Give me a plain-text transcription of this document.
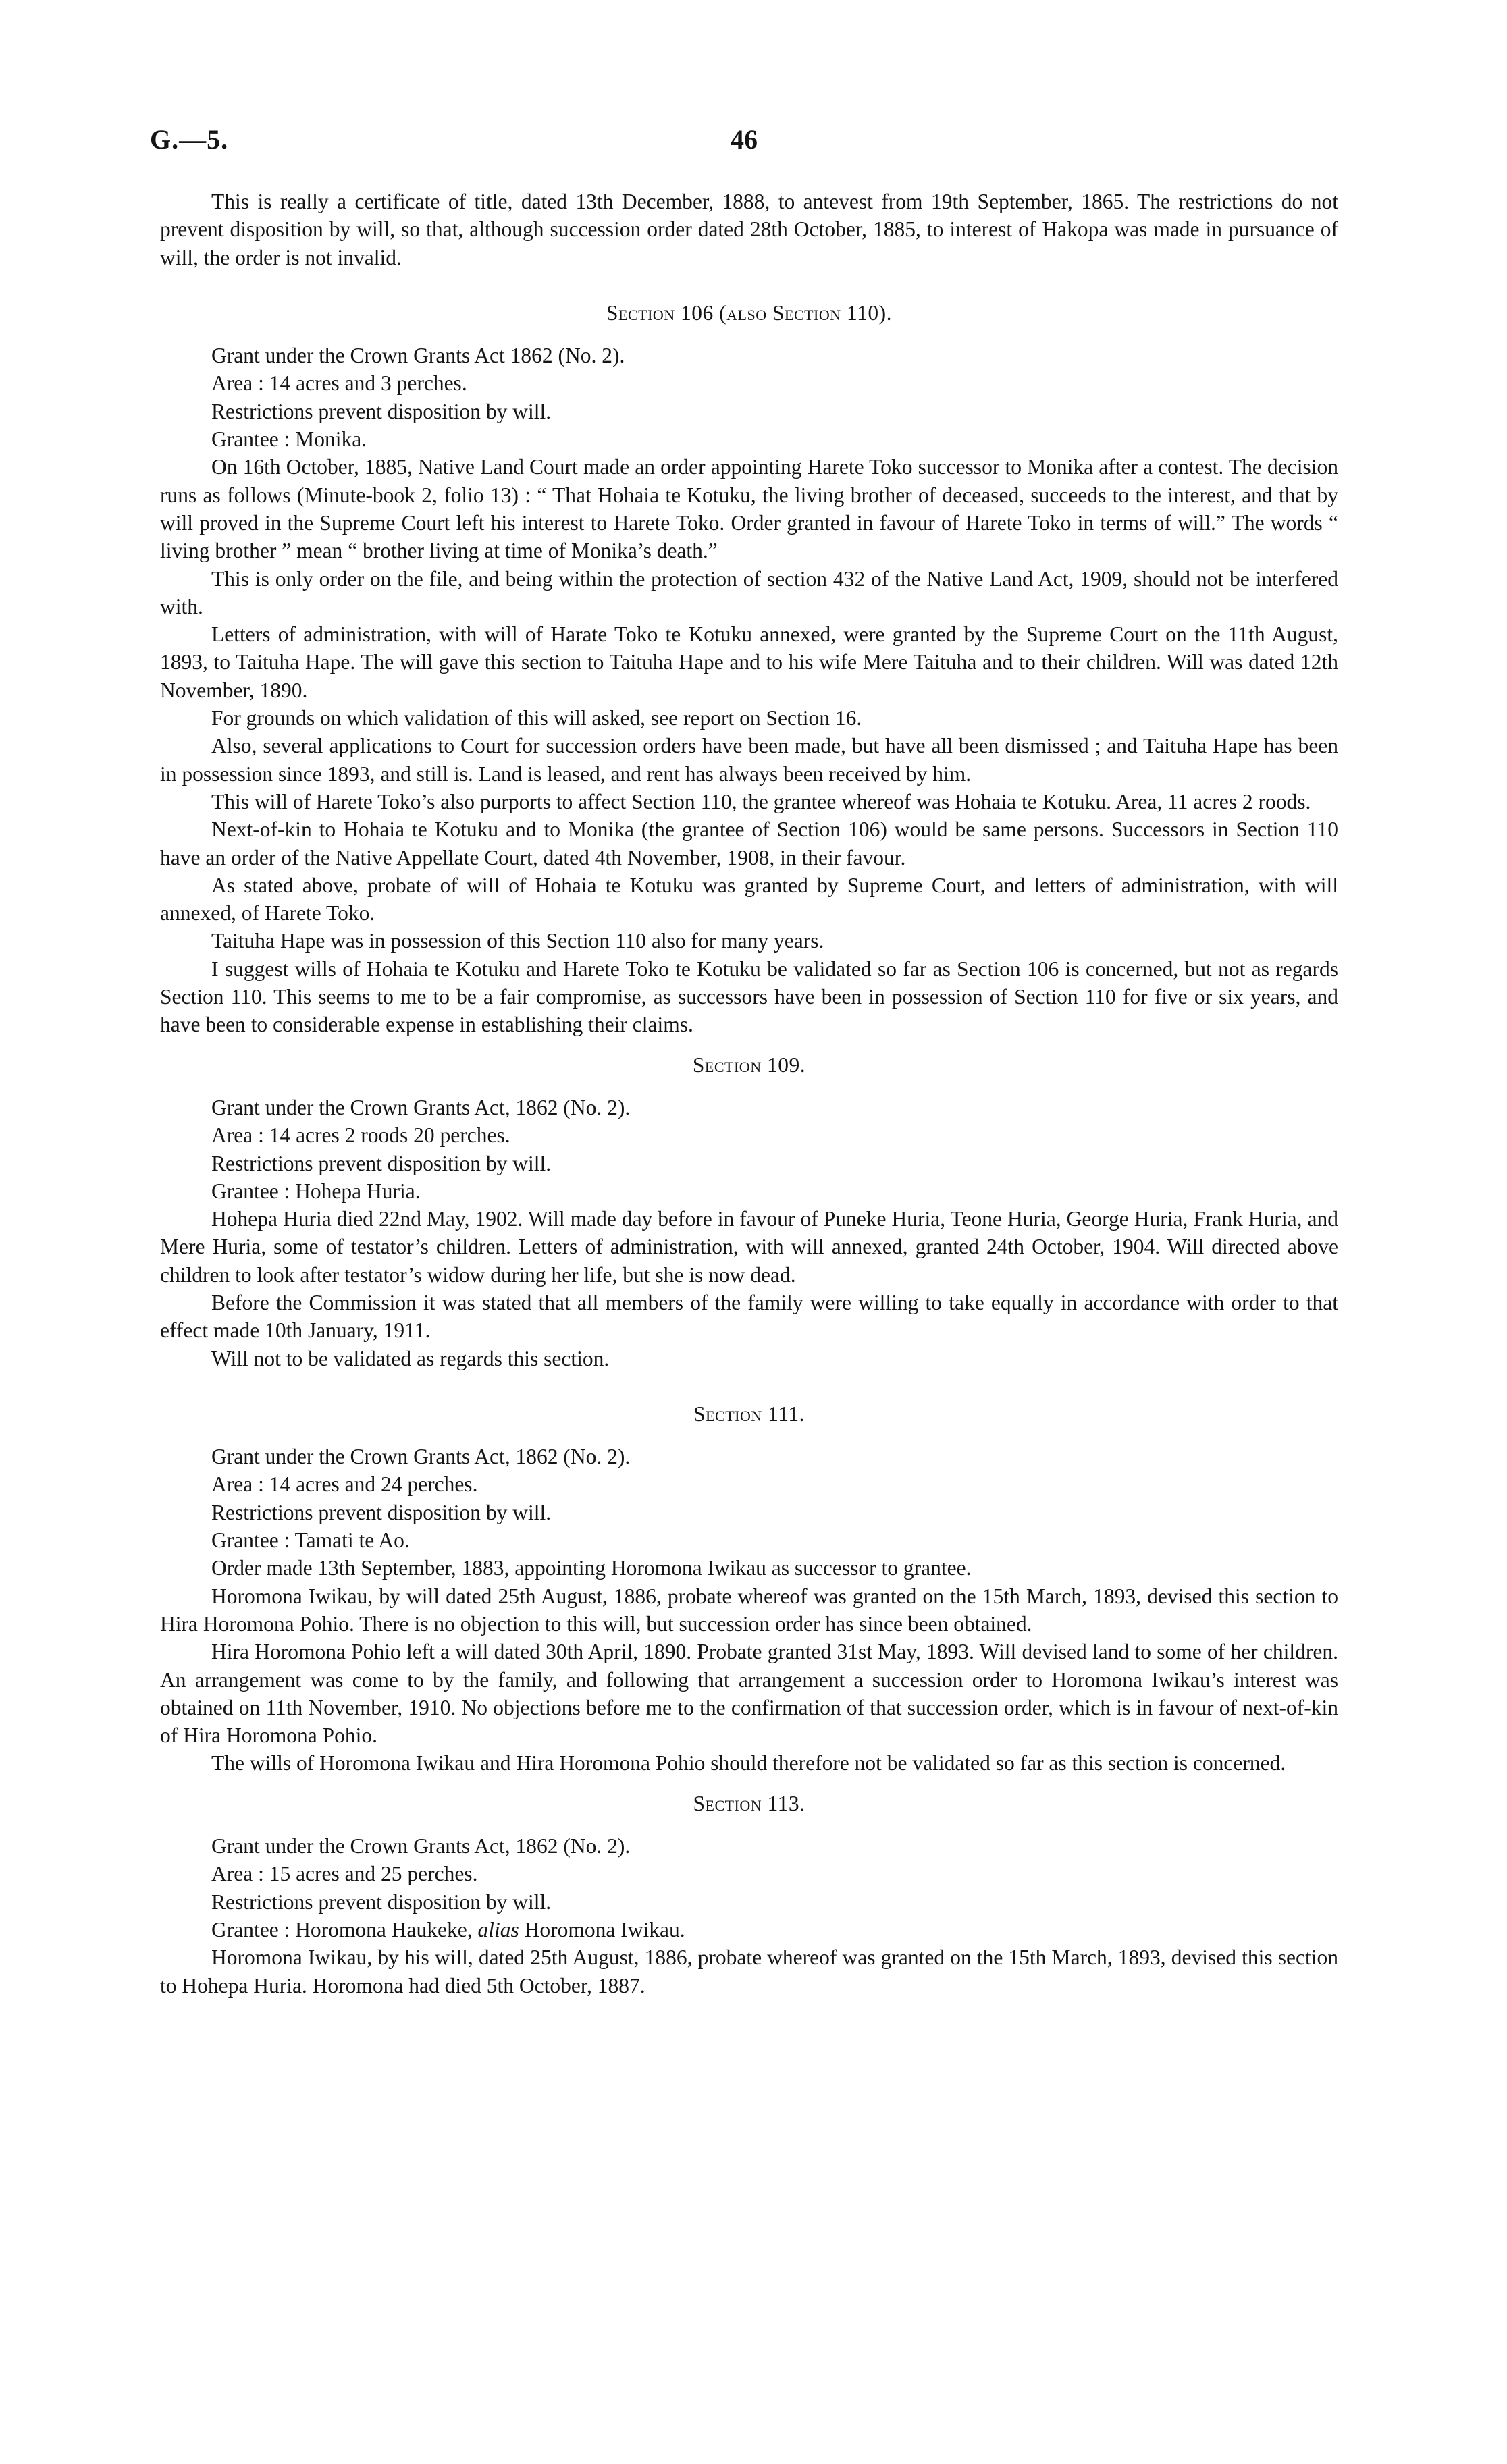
46
G.—5.

This is really a certificate of title, dated 13th December, 1888, to antevest from 19th September, 1865. The restrictions do not prevent disposition by will, so that, although succession order dated 28th October, 1885, to interest of Hakopa was made in pursuance of will, the order is not invalid.

Section 106 (also Section 110).

Grant under the Crown Grants Act 1862 (No. 2).

Area : 14 acres and 3 perches.

Restrictions prevent disposition by will.

Grantee : Monika.

On 16th October, 1885, Native Land Court made an order appointing Harete Toko successor to Monika after a contest. The decision runs as follows (Minute-book 2, folio 13) : “ That Hohaia te Kotuku, the living brother of deceased, succeeds to the interest, and that by will proved in the Supreme Court left his interest to Harete Toko. Order granted in favour of Harete Toko in terms of will.” The words “ living brother ” mean “ brother living at time of Monika’s death.”

This is only order on the file, and being within the protection of section 432 of the Native Land Act, 1909, should not be interfered with.

Letters of administration, with will of Harate Toko te Kotuku annexed, were granted by the Supreme Court on the 11th August, 1893, to Taituha Hape. The will gave this section to Taituha Hape and to his wife Mere Taituha and to their children. Will was dated 12th November, 1890.

For grounds on which validation of this will asked, see report on Section 16.

Also, several applications to Court for succession orders have been made, but have all been dismissed ; and Taituha Hape has been in possession since 1893, and still is. Land is leased, and rent has always been received by him.

This will of Harete Toko’s also purports to affect Section 110, the grantee whereof was Hohaia te Kotuku. Area, 11 acres 2 roods.

Next-of-kin to Hohaia te Kotuku and to Monika (the grantee of Section 106) would be same persons. Successors in Section 110 have an order of the Native Appellate Court, dated 4th November, 1908, in their favour.

As stated above, probate of will of Hohaia te Kotuku was granted by Supreme Court, and letters of administration, with will annexed, of Harete Toko.

Taituha Hape was in possession of this Section 110 also for many years.

I suggest wills of Hohaia te Kotuku and Harete Toko te Kotuku be validated so far as Section 106 is concerned, but not as regards Section 110. This seems to me to be a fair compromise, as successors have been in possession of Section 110 for five or six years, and have been to considerable expense in establishing their claims.

Section 109.

Grant under the Crown Grants Act, 1862 (No. 2).

Area : 14 acres 2 roods 20 perches.

Restrictions prevent disposition by will.

Grantee : Hohepa Huria.

Hohepa Huria died 22nd May, 1902. Will made day before in favour of Puneke Huria, Teone Huria, George Huria, Frank Huria, and Mere Huria, some of testator’s children. Letters of administration, with will annexed, granted 24th October, 1904. Will directed above children to look after testator’s widow during her life, but she is now dead.

Before the Commission it was stated that all members of the family were willing to take equally in accordance with order to that effect made 10th January, 1911.

Will not to be validated as regards this section.

Section 111.

Grant under the Crown Grants Act, 1862 (No. 2).

Area : 14 acres and 24 perches.

Restrictions prevent disposition by will.

Grantee : Tamati te Ao.

Order made 13th September, 1883, appointing Horomona Iwikau as successor to grantee.

Horomona Iwikau, by will dated 25th August, 1886, probate whereof was granted on the 15th March, 1893, devised this section to Hira Horomona Pohio. There is no objection to this will, but succession order has since been obtained.

Hira Horomona Pohio left a will dated 30th April, 1890. Probate granted 31st May, 1893. Will devised land to some of her children. An arrangement was come to by the family, and following that arrangement a succession order to Horomona Iwikau’s interest was obtained on 11th November, 1910. No objections before me to the confirmation of that succession order, which is in favour of next-of-kin of Hira Horomona Pohio.

The wills of Horomona Iwikau and Hira Horomona Pohio should therefore not be validated so far as this section is concerned.

Section 113.

Grant under the Crown Grants Act, 1862 (No. 2).

Area : 15 acres and 25 perches.

Restrictions prevent disposition by will.

Grantee : Horomona Haukeke, alias Horomona Iwikau.

Horomona Iwikau, by his will, dated 25th August, 1886, probate whereof was granted on the 15th March, 1893, devised this section to Hohepa Huria. Horomona had died 5th October, 1887.
